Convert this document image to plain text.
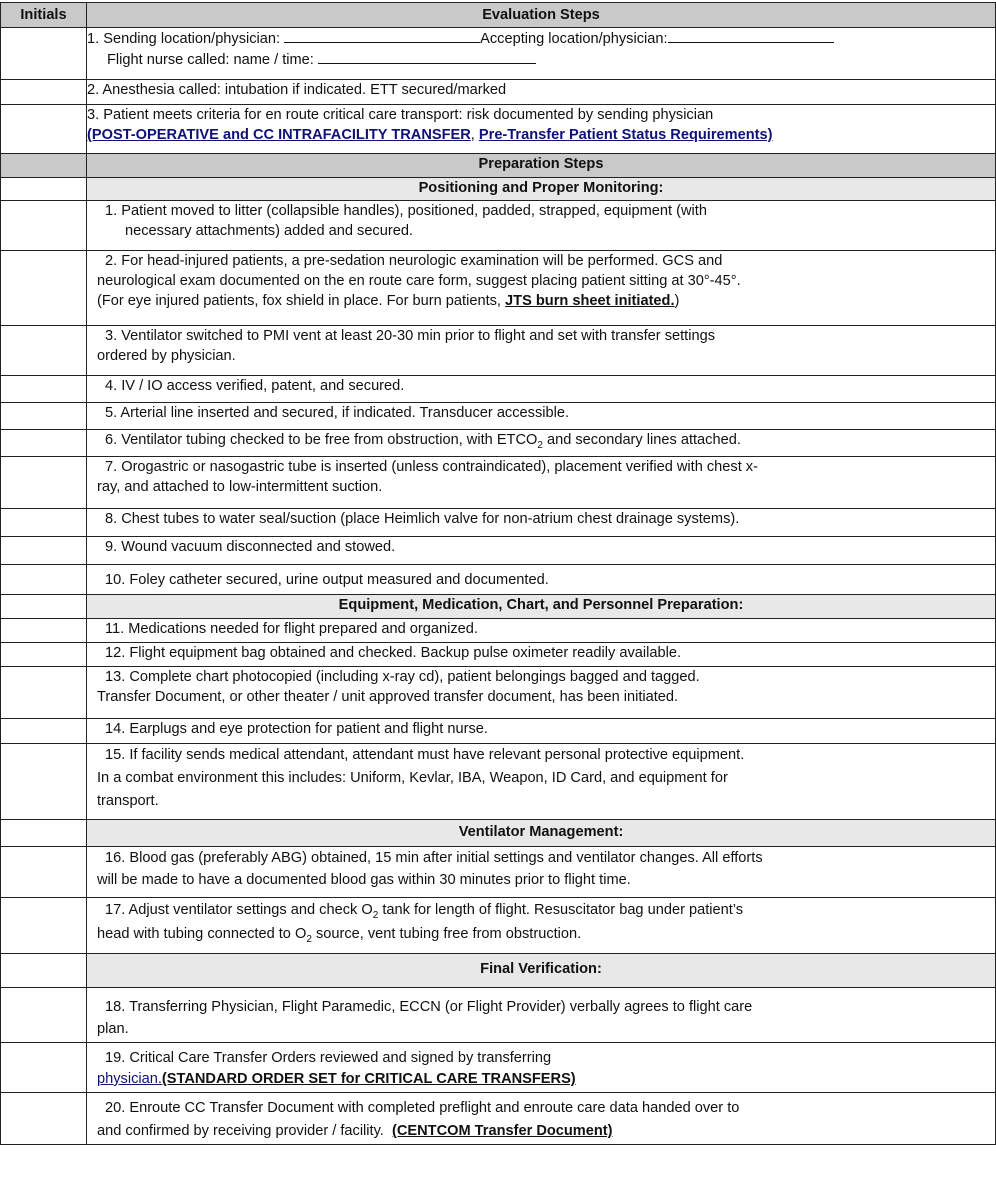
Initials	Evaluation Steps

	1. Sending location/physician: Accepting location/physician:
Flight nurse called: name / time:

	2. Anesthesia called: intubation if indicated. ETT secured/marked

	3. Patient meets criteria for en route critical care transport: risk documented by sending physician
(POST-OPERATIVE and CC INTRAFACILITY TRANSFER, Pre-Transfer Patient Status Requirements)

	Preparation Steps
	Positioning and Proper Monitoring:

	1. Patient moved to litter (collapsible handles), positioned, padded, strapped, equipment (with
necessary attachments) added and secured.

	2. For head-injured patients, a pre-sedation neurologic examination will be performed. GCS and
neurological exam documented on the en route care form, suggest placing patient sitting at 30°-45°.
(For eye injured patients, fox shield in place. For burn patients, JTS burn sheet initiated.)

	3. Ventilator switched to PMI vent at least 20-30 min prior to flight and set with transfer settings
ordered by physician.

	4. IV / IO access verified, patent, and secured.
	5. Arterial line inserted and secured, if indicated. Transducer accessible.
	6. Ventilator tubing checked to be free from obstruction, with $ETCO_2$ and secondary lines attached.

	7. Orogastric or nasogastric tube is inserted (unless contraindicated), placement verified with chest x-
ray, and attached to low-intermittent suction.

	8. Chest tubes to water seal/suction (place Heimlich valve for non-atrium chest drainage systems).
	9. Wound vacuum disconnected and stowed.
	10. Foley catheter secured, urine output measured and documented.
	Equipment, Medication, Chart, and Personnel Preparation:
	11. Medications needed for flight prepared and organized.
	12. Flight equipment bag obtained and checked. Backup pulse oximeter readily available.

	13. Complete chart photocopied (including x-ray cd), patient belongings bagged and tagged.
Transfer Document, or other theater / unit approved transfer document, has been initiated.

	14. Earplugs and eye protection for patient and flight nurse.

	15. If facility sends medical attendant, attendant must have relevant personal protective equipment.
In a combat environment this includes: Uniform, Kevlar, IBA, Weapon, ID Card, and equipment for
transport.

	Ventilator Management:

	16. Blood gas (preferably ABG) obtained, 15 min after initial settings and ventilator changes. All efforts
will be made to have a documented blood gas within 30 minutes prior to flight time.

	17. Adjust ventilator settings and check $O_2$ tank for length of flight. Resuscitator bag under patient’s
head with tubing connected to $O_2$ source, vent tubing free from obstruction.

	Final Verification:

	18. Transferring Physician, Flight Paramedic, ECCN (or Flight Provider) verbally agrees to flight care
plan.

	19. Critical Care Transfer Orders reviewed and signed by transferring
physician.(STANDARD ORDER SET for CRITICAL CARE TRANSFERS)

	20. Enroute CC Transfer Document with completed preflight and enroute care data handed over to
and confirmed by receiving provider / facility.  (CENTCOM Transfer Document)
